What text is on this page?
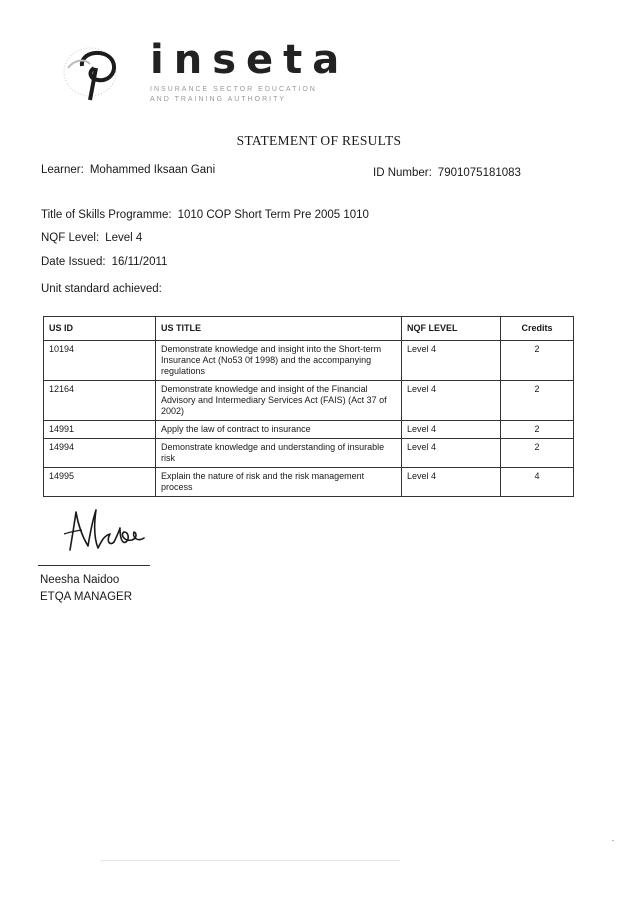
inseta
INSURANCE SECTOR EDUCATION
AND TRAINING AUTHORITY
STATEMENT OF RESULTS
Learner: Mohammed Iksaan Gani	ID Number: 7901075181083
Title of Skills Programme: 1010 COP Short Term Pre 2005 1010
NQF Level: Level 4
Date Issued: 16/11/2011
Unit standard achieved:
US ID	US TITLE	NQF LEVEL	Credits
10194	Demonstrate knowledge and insight into the Short-term Insurance Act (No53 0f 1998) and the accompanying regulations	Level 4	2
12164	Demonstrate knowledge and insight of the Financial Advisory and Intermediary Services Act (FAIS) (Act 37 of 2002)	Level 4	2
14991	Apply the law of contract to insurance	Level 4	2
14994	Demonstrate knowledge and understanding of insurable risk	Level 4	2
14995	Explain the nature of risk and the risk management process	Level 4	4
Neesha Naidoo
ETQA MANAGER
